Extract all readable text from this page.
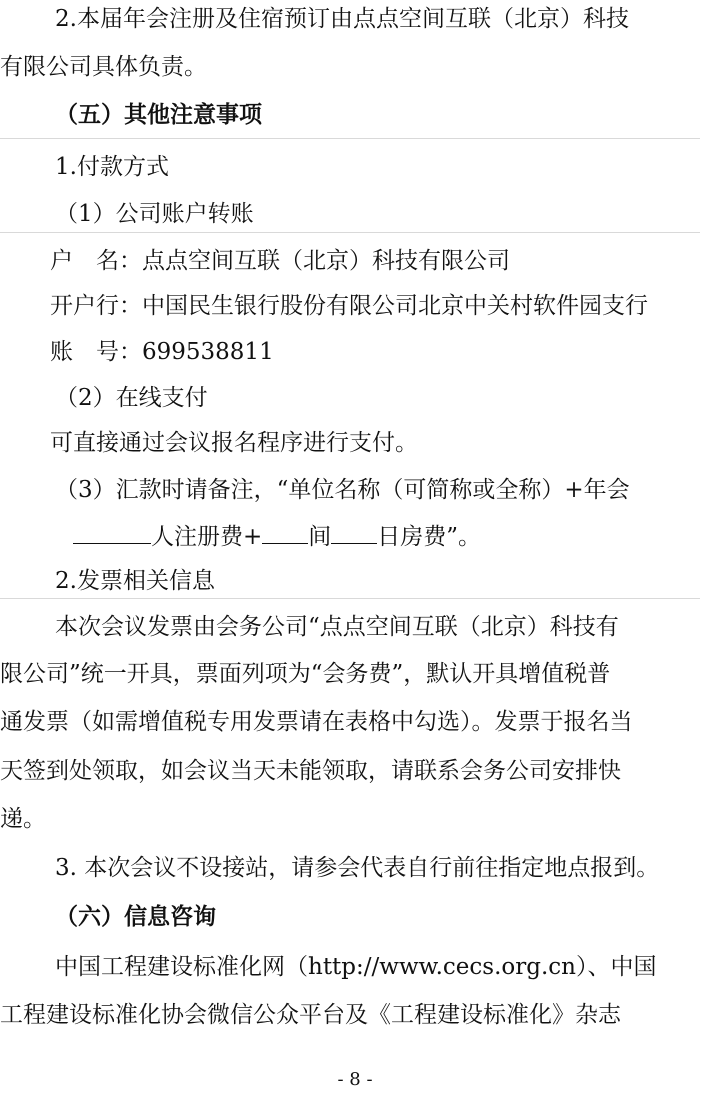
2.本届年会注册及住宿预订由点点空间互联（北京）科技
有限公司具体负责。
（五）其他注意事项
1.付款方式
（1）公司账户转账
户　名：点点空间互联（北京）科技有限公司
开户行：中国民生银行股份有限公司北京中关村软件园支行
账　号：699538811
（2）在线支付
可直接通过会议报名程序进行支付。
（3）汇款时请备注，“单位名称（可简称或全称）+年会
人注册费+ 间 日房费”。
2.发票相关信息
本次会议发票由会务公司“点点空间互联（北京）科技有
限公司”统一开具，票面列项为“会务费”，默认开具增值税普
通发票（如需增值税专用发票请在表格中勾选）。发票于报名当
天签到处领取，如会议当天未能领取，请联系会务公司安排快
递。
3. 本次会议不设接站，请参会代表自行前往指定地点报到。
（六）信息咨询
中国工程建设标准化网（http://www.cecs.org.cn）、中国
工程建设标准化协会微信公众平台及《工程建设标准化》杂志
- 8 -
